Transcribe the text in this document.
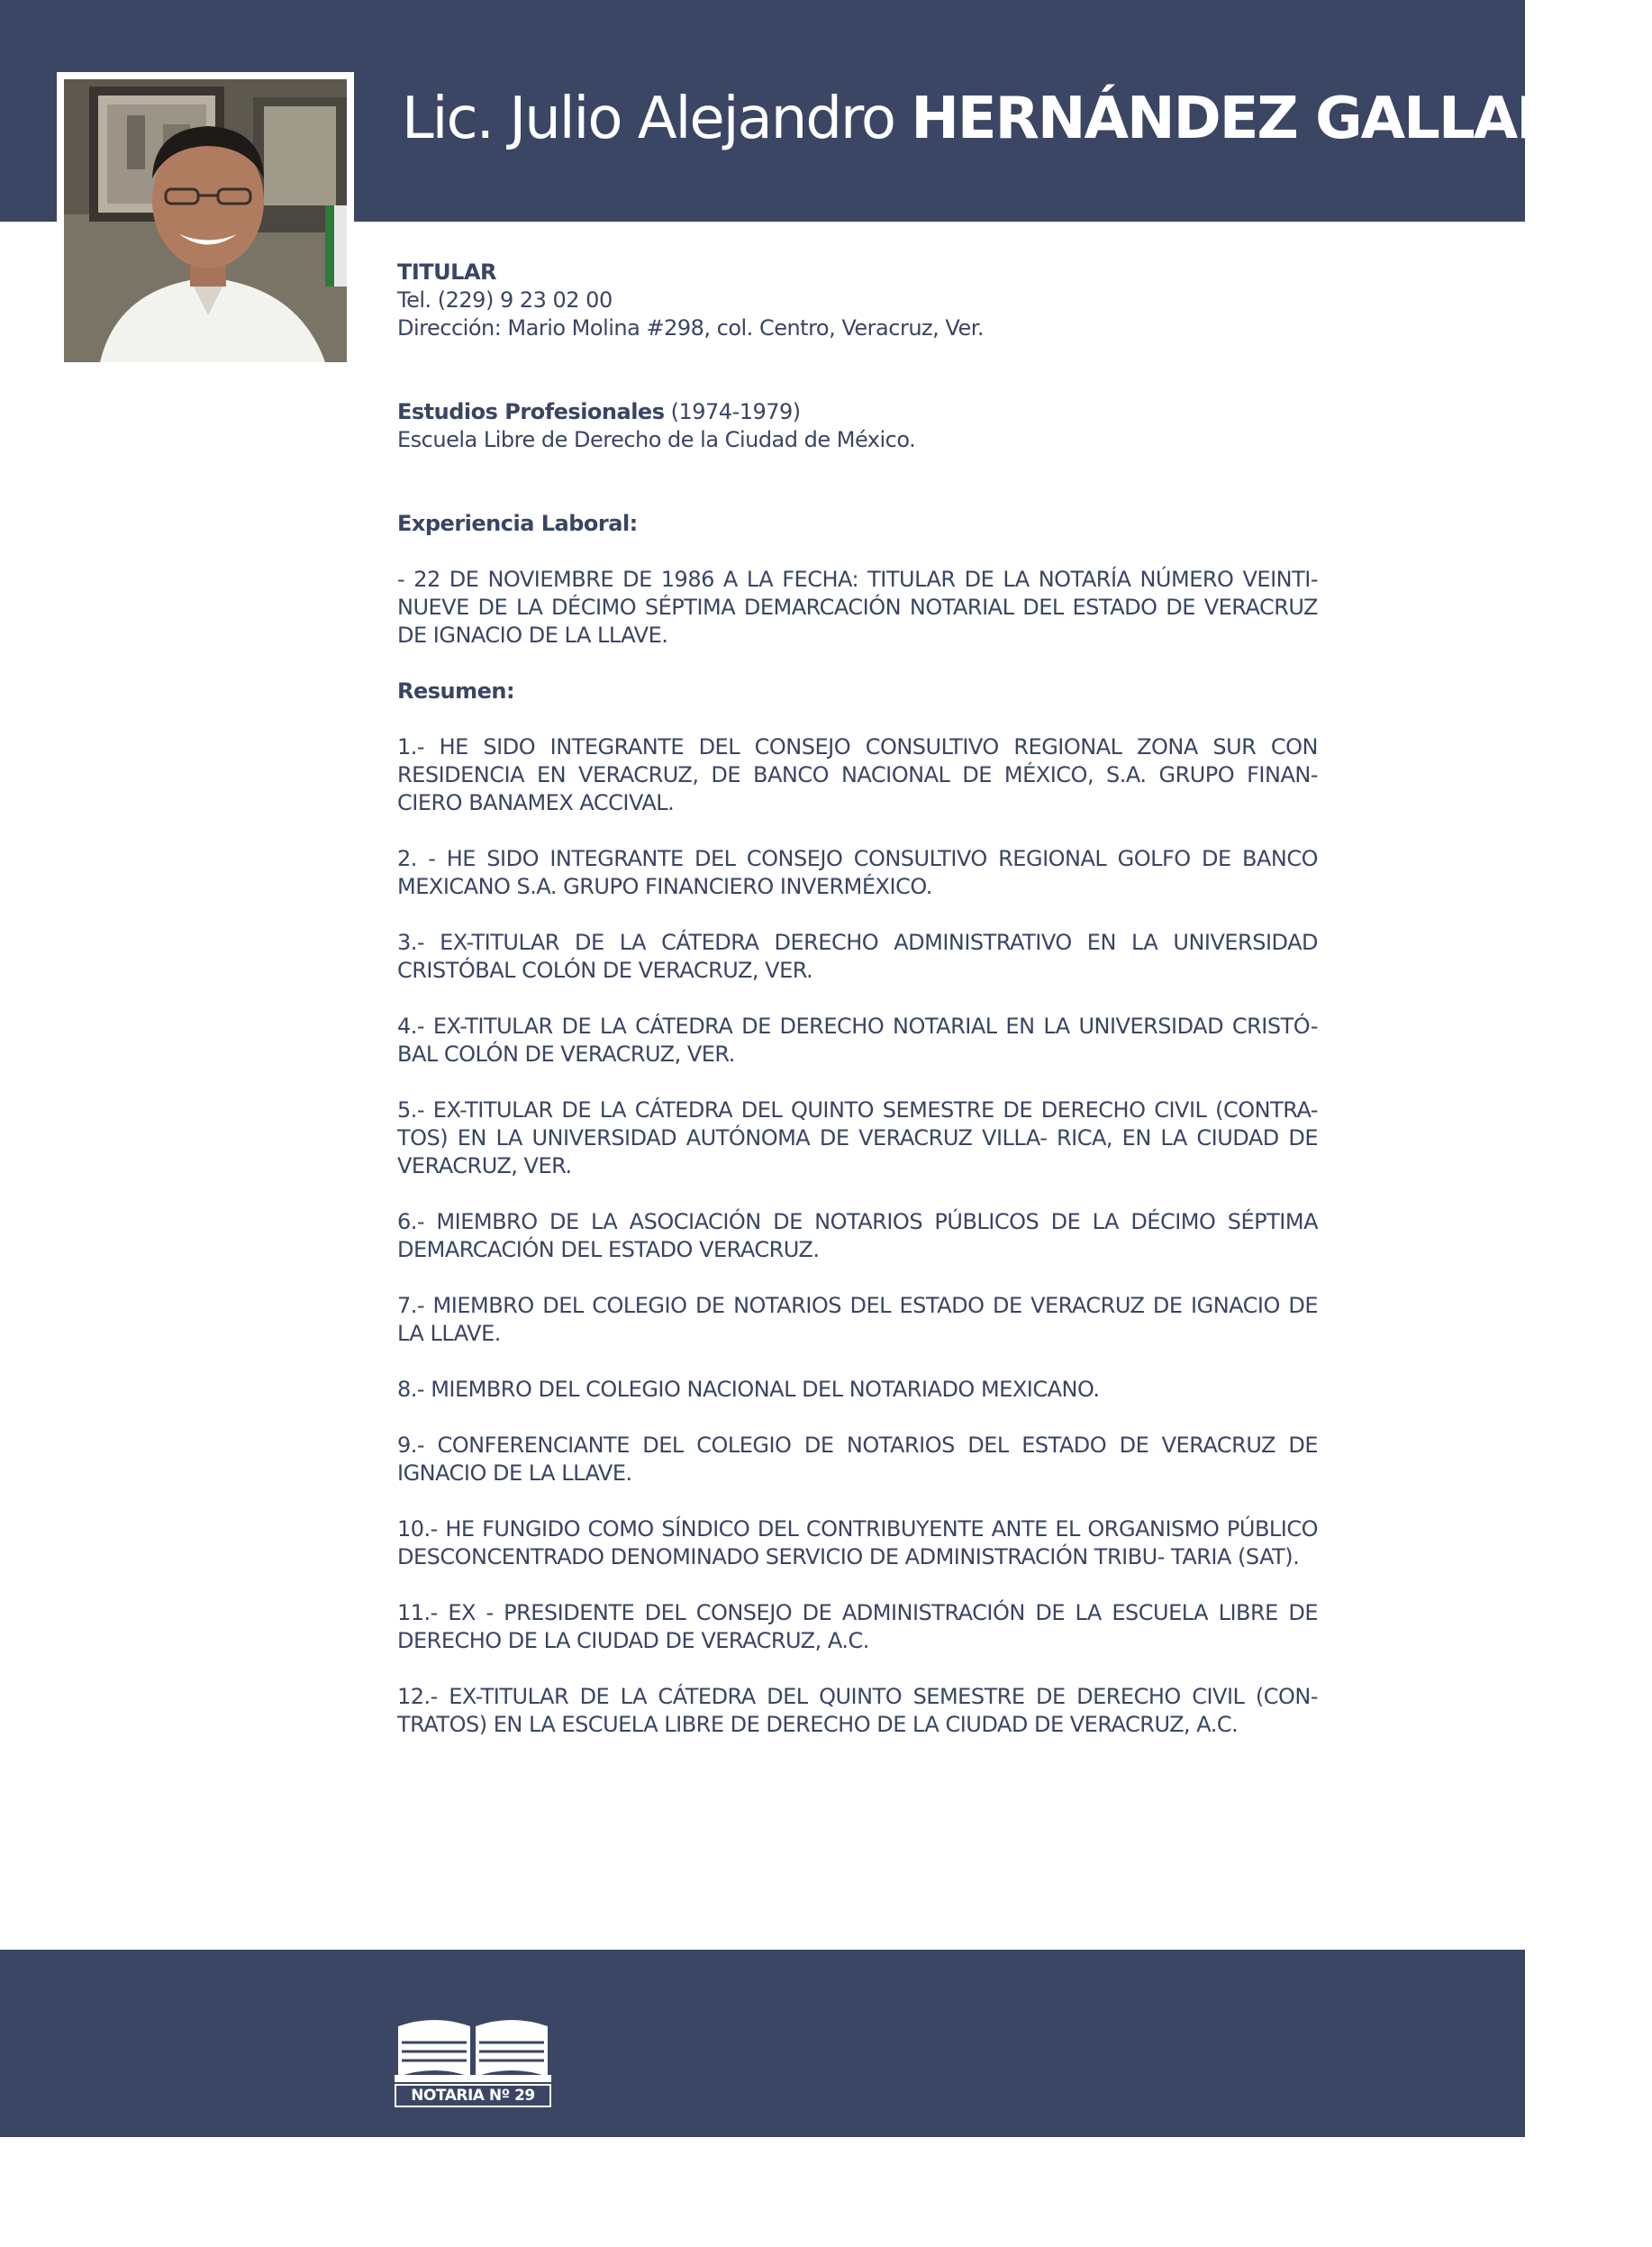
Lic. Julio Alejandro HERNÁNDEZ GALLARDO

TITULAR

Tel. (229) 9 23 02 00

Dirección: Mario Molina #298, col. Centro, Veracruz, Ver.

Estudios Profesionales (1974-1979)

Escuela Libre de Derecho de la Ciudad de México.

Experiencia Laboral:

- 22 DE NOVIEMBRE DE 1986 A LA FECHA: TITULAR DE LA NOTARÍA NÚMERO VEINTI- NUEVE DE LA DÉCIMO SÉPTIMA DEMARCACIÓN NOTARIAL DEL ESTADO DE VERACRUZ DE IGNACIO DE LA LLAVE.

Resumen:

1.- HE SIDO INTEGRANTE DEL CONSEJO CONSULTIVO REGIONAL ZONA SUR CON RESIDENCIA EN VERACRUZ, DE BANCO NACIONAL DE MÉXICO, S.A. GRUPO FINAN- CIERO BANAMEX ACCIVAL.

2. - HE SIDO INTEGRANTE DEL CONSEJO CONSULTIVO REGIONAL GOLFO DE BANCO MEXICANO S.A. GRUPO FINANCIERO INVERMÉXICO.

3.- EX-TITULAR DE LA CÁTEDRA DERECHO ADMINISTRATIVO EN LA UNIVERSIDAD CRISTÓBAL COLÓN DE VERACRUZ, VER.

4.- EX-TITULAR DE LA CÁTEDRA DE DERECHO NOTARIAL EN LA UNIVERSIDAD CRISTÓ- BAL COLÓN DE VERACRUZ, VER.

5.- EX-TITULAR DE LA CÁTEDRA DEL QUINTO SEMESTRE DE DERECHO CIVIL (CONTRA- TOS) EN LA UNIVERSIDAD AUTÓNOMA DE VERACRUZ VILLA- RICA, EN LA CIUDAD DE VERACRUZ, VER.

6.- MIEMBRO DE LA ASOCIACIÓN DE NOTARIOS PÚBLICOS DE LA DÉCIMO SÉPTIMA DEMARCACIÓN DEL ESTADO VERACRUZ.

7.- MIEMBRO DEL COLEGIO DE NOTARIOS DEL ESTADO DE VERACRUZ DE IGNACIO DE LA LLAVE.

8.- MIEMBRO DEL COLEGIO NACIONAL DEL NOTARIADO MEXICANO.

9.- CONFERENCIANTE DEL COLEGIO DE NOTARIOS DEL ESTADO DE VERACRUZ DE IGNACIO DE LA LLAVE.

10.- HE FUNGIDO COMO SÍNDICO DEL CONTRIBUYENTE ANTE EL ORGANISMO PÚBLICO DESCONCENTRADO DENOMINADO SERVICIO DE ADMINISTRACIÓN TRIBU- TARIA (SAT).

11.- EX - PRESIDENTE DEL CONSEJO DE ADMINISTRACIÓN DE LA ESCUELA LIBRE DE DERECHO DE LA CIUDAD DE VERACRUZ, A.C.

12.- EX-TITULAR DE LA CÁTEDRA DEL QUINTO SEMESTRE DE DERECHO CIVIL (CON- TRATOS) EN LA ESCUELA LIBRE DE DERECHO DE LA CIUDAD DE VERACRUZ, A.C.

NOTARIA Nº 29
